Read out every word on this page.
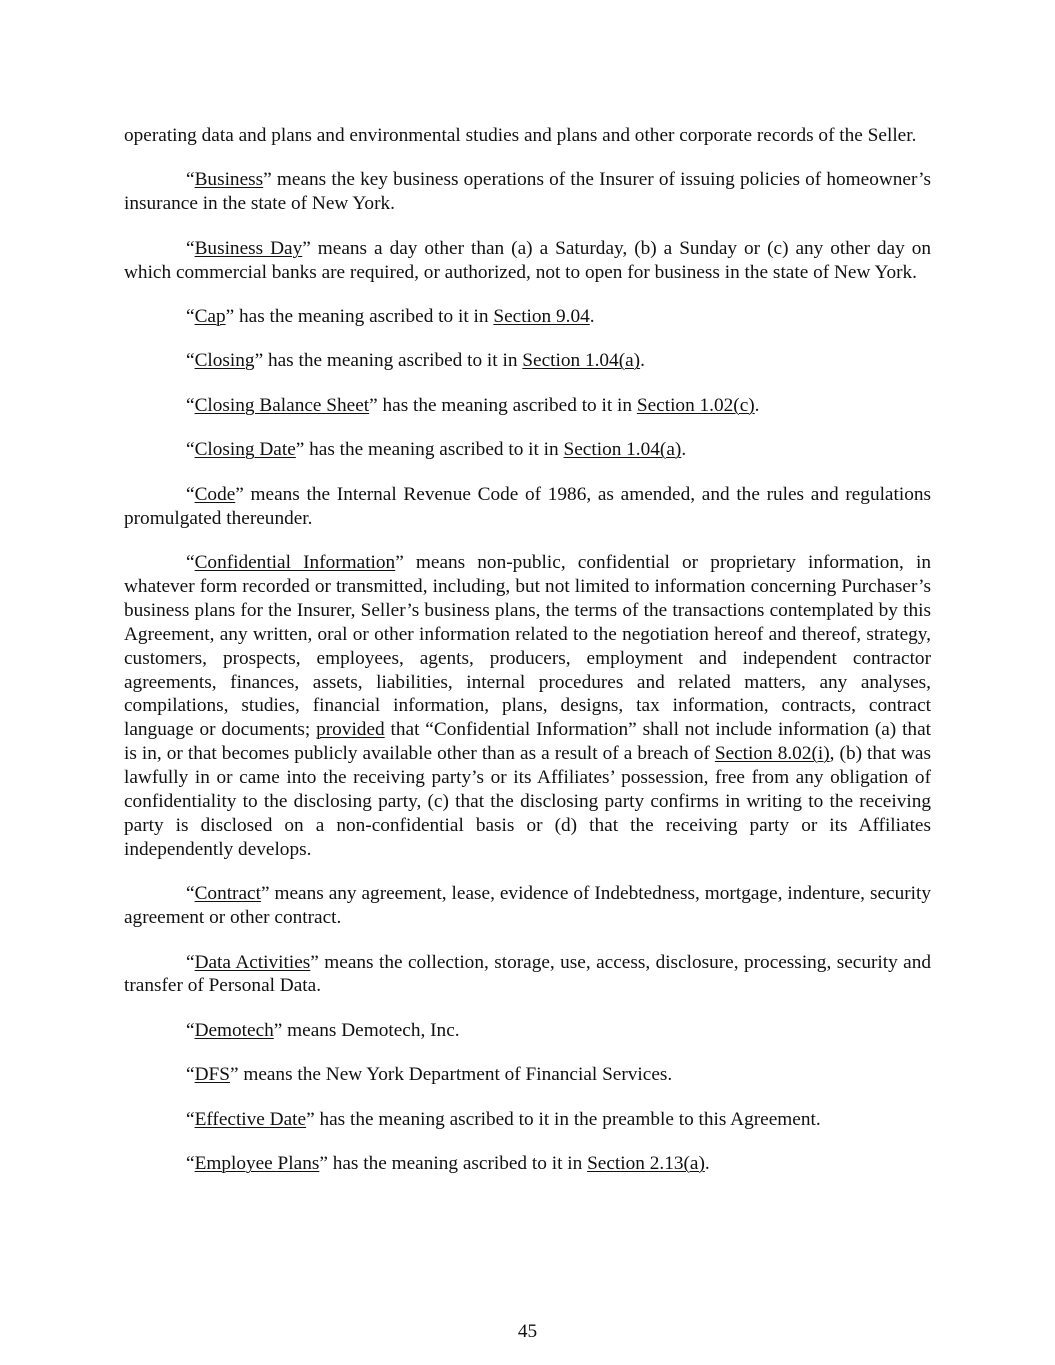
operating data and plans and environmental studies and plans and other corporate records of the Seller.

“Business” means the key business operations of the Insurer of issuing policies of homeowner’s insurance in the state of New York.

“Business Day” means a day other than (a) a Saturday, (b) a Sunday or (c) any other day on which commercial banks are required, or authorized, not to open for business in the state of New York.

“Cap” has the meaning ascribed to it in Section 9.04.

“Closing” has the meaning ascribed to it in Section 1.04(a).

“Closing Balance Sheet” has the meaning ascribed to it in Section 1.02(c).

“Closing Date” has the meaning ascribed to it in Section 1.04(a).

“Code” means the Internal Revenue Code of 1986, as amended, and the rules and regulations promulgated thereunder.

“Confidential Information” means non-public, confidential or proprietary information, in whatever form recorded or transmitted, including, but not limited to information concerning Purchaser’s business plans for the Insurer, Seller’s business plans, the terms of the transactions contemplated by this Agreement, any written, oral or other information related to the negotiation hereof and thereof, strategy, customers, prospects, employees, agents, producers, employment and independent contractor agreements, finances, assets, liabilities, internal procedures and related matters, any analyses, compilations, studies, financial information, plans, designs, tax information, contracts, contract language or documents; provided that “Confidential Information” shall not include information (a) that is in, or that becomes publicly available other than as a result of a breach of Section 8.02(i), (b) that was lawfully in or came into the receiving party’s or its Affiliates’ possession, free from any obligation of confidentiality to the disclosing party, (c) that the disclosing party confirms in writing to the receiving party is disclosed on a non-confidential basis or (d) that the receiving party or its Affiliates independently develops.

“Contract” means any agreement, lease, evidence of Indebtedness, mortgage, indenture, security agreement or other contract.

“Data Activities” means the collection, storage, use, access, disclosure, processing, security and transfer of Personal Data.

“Demotech” means Demotech, Inc.

“DFS” means the New York Department of Financial Services.

“Effective Date” has the meaning ascribed to it in the preamble to this Agreement.

“Employee Plans” has the meaning ascribed to it in Section 2.13(a).

45
